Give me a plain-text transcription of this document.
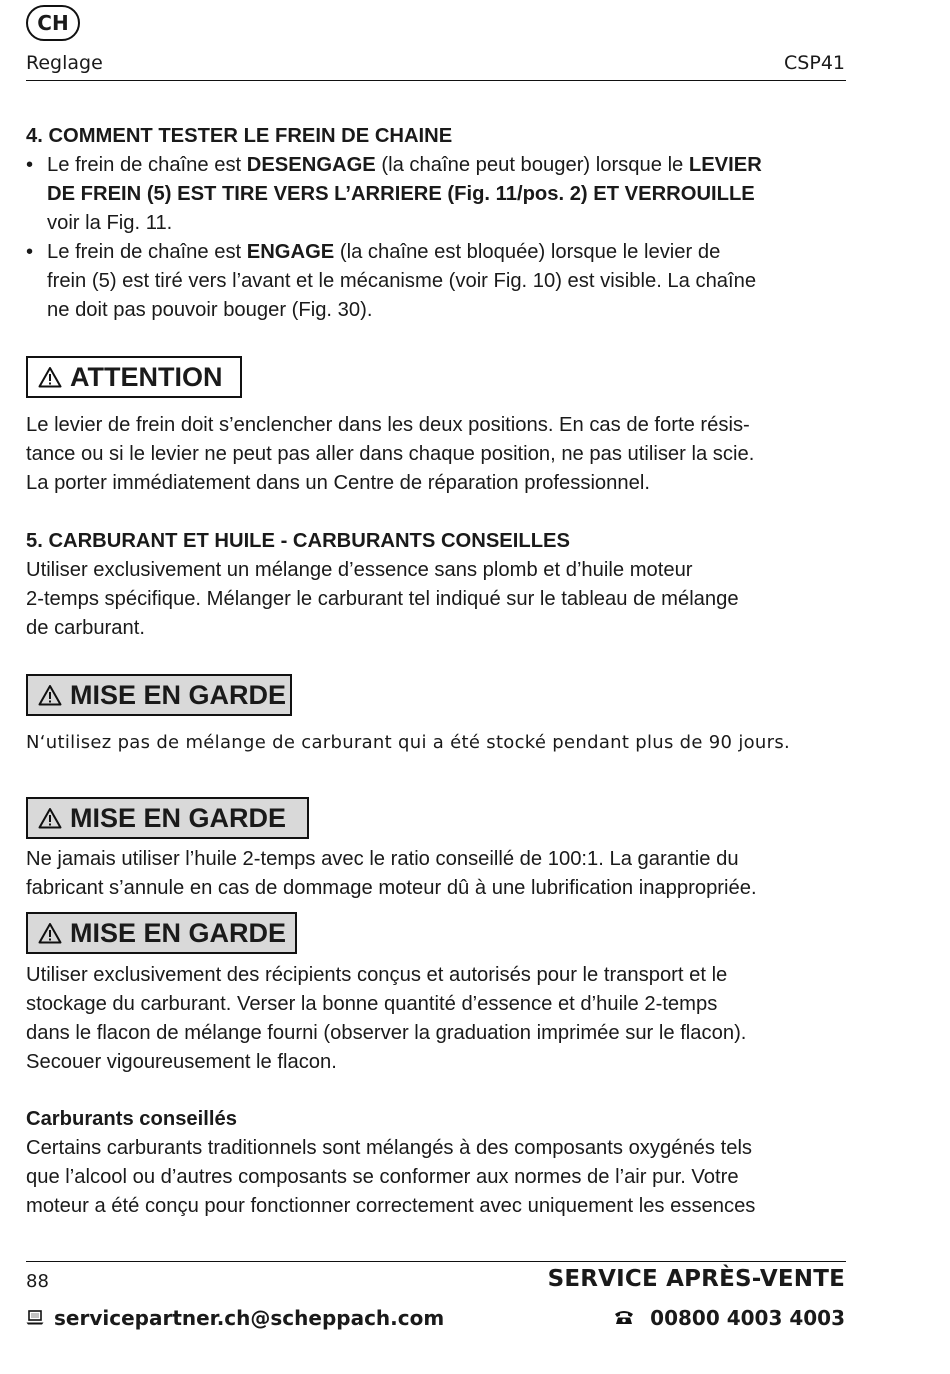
CH
Reglage	CSP41

4. COMMENT TESTER LE FREIN DE CHAINE

• Le frein de chaîne est DESENGAGE (la chaîne peut bouger) lorsque le LEVIER
DE FREIN (5) EST TIRE VERS L’ARRIERE (Fig. 11/pos. 2) ET VERROUILLE
voir la Fig. 11.
• Le frein de chaîne est ENGAGE (la chaîne est bloquée) lorsque le levier de
frein (5) est tiré vers l’avant et le mécanisme (voir Fig. 10) est visible. La chaîne
ne doit pas pouvoir bouger (Fig. 30).
ATTENTION

Le levier de frein doit s’enclencher dans les deux positions. En cas de forte résis-

tance ou si le levier ne peut pas aller dans chaque position, ne pas utiliser la scie.

La porter immédiatement dans un Centre de réparation professionnel.

5. CARBURANT ET HUILE - CARBURANTS CONSEILLES

Utiliser exclusivement un mélange d’essence sans plomb et d’huile moteur

2-temps spécifique. Mélanger le carburant tel indiqué sur le tableau de mélange

de carburant.

MISE EN GARDE
N‘utilisez pas de mélange de carburant qui a été stocké pendant plus de 90 jours.
MISE EN GARDE

Ne jamais utiliser l’huile 2-temps avec le ratio conseillé de 100:1. La garantie du

fabricant s’annule en cas de dommage moteur dû à une lubrification inappropriée.

MISE EN GARDE

Utiliser exclusivement des récipients conçus et autorisés pour le transport et le

stockage du carburant. Verser la bonne quantité d’essence et d’huile 2-temps

dans le flacon de mélange fourni (observer la graduation imprimée sur le flacon).

Secouer vigoureusement le flacon.

Carburants conseillés

Certains carburants traditionnels sont mélangés à des composants oxygénés tels

que l’alcool ou d’autres composants se conformer aux normes de l’air pur. Votre

moteur a été conçu pour fonctionner correctement avec uniquement les essences

88	SERVICE APRÈS-VENTE
servicepartner.ch@scheppach.com	00800 4003 4003
